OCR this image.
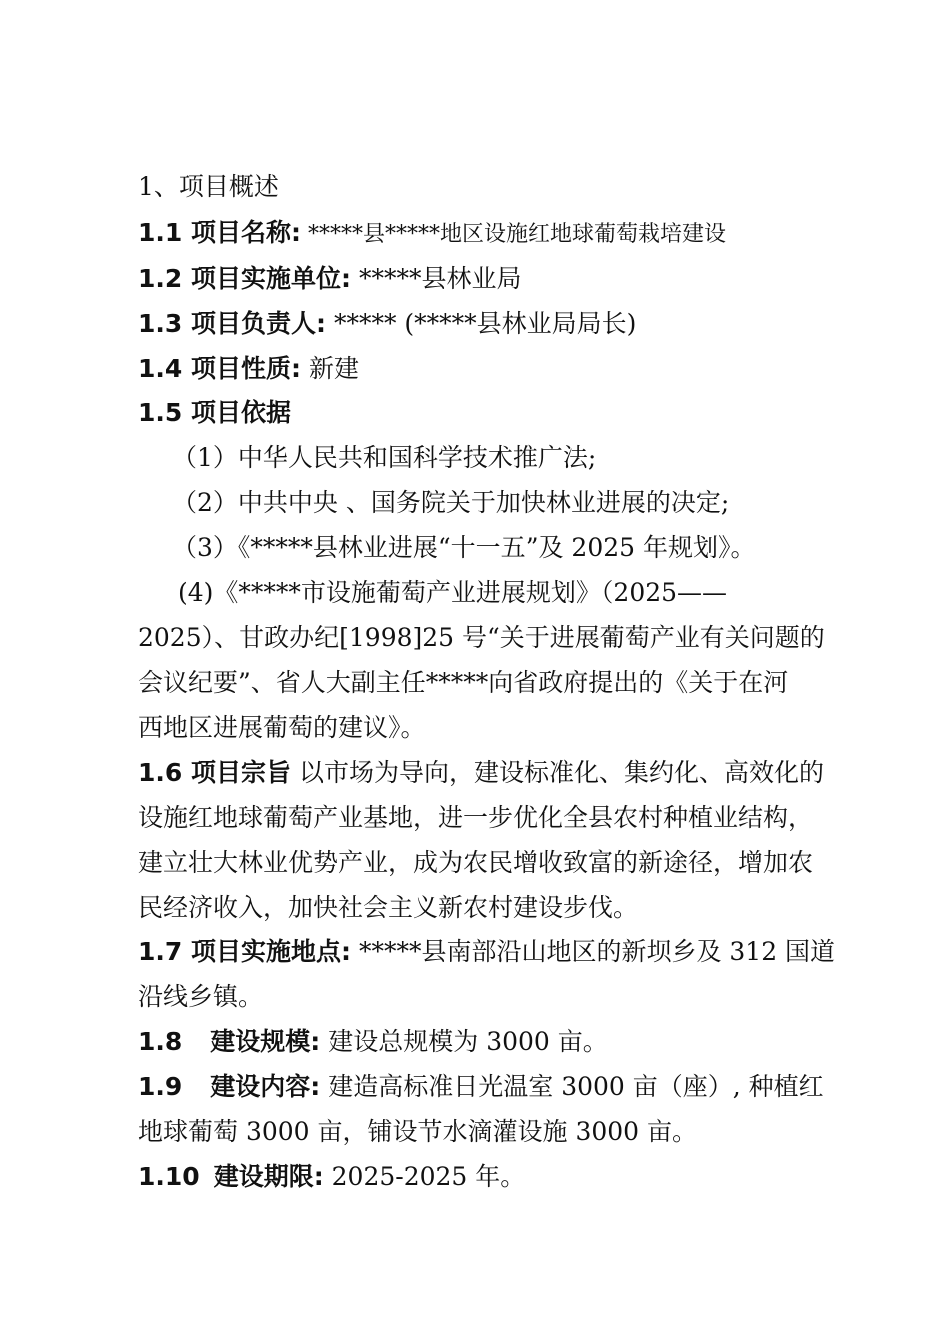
1、项目概述
1.1 项目名称: *****县*****地区设施红地球葡萄栽培建设
1.2 项目实施单位: *****县林业局
1.3 项目负责人: ***** (*****县林业局局长)
1.4 项目性质: 新建
1.5 项目依据
（1）中华人民共和国科学技术推广法;
（2）中共中央 、国务院关于加快林业进展的决定;
（3）《*****县林业进展“十一五”及 2025 年规划》。
(4)《*****市设施葡萄产业进展规划》（2025——
2025）、甘政办纪[1998]25 号“关于进展葡萄产业有关问题的
会议纪要”、省人大副主任*****向省政府提出的《关于在河
西地区进展葡萄的建议》。
1.6 项目宗旨 以市场为导向，建设标准化、集约化、高效化的
设施红地球葡萄产业基地，进一步优化全县农村种植业结构，
建立壮大林业优势产业，成为农民增收致富的新途径，增加农
民经济收入，加快社会主义新农村建设步伐。
1.7 项目实施地点: *****县南部沿山地区的新坝乡及 312 国道
沿线乡镇。
1.8 建设规模: 建设总规模为 3000 亩。
1.9 建设内容: 建造高标准日光温室 3000 亩（座）, 种植红
地球葡萄 3000 亩，铺设节水滴灌设施 3000 亩。
1.10 建设期限: 2025-2025 年。
